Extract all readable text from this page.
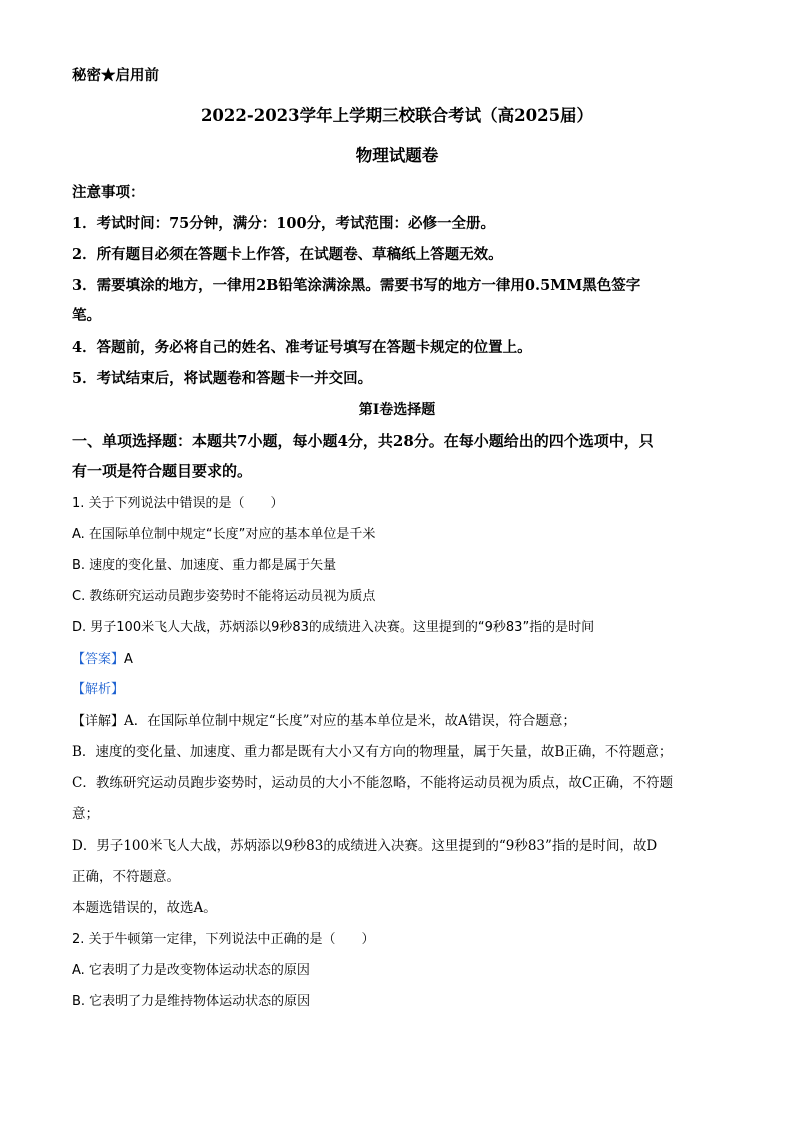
秘密★启用前
2022-2023学年上学期三校联合考试（高2025届）
物理试题卷
注意事项：
1．考试时间：75分钟，满分：100分，考试范围：必修一全册。
2．所有题目必须在答题卡上作答，在试题卷、草稿纸上答题无效。
3．需要填涂的地方，一律用2B铅笔涂满涂黑。需要书写的地方一律用0.5MM黑色签字
笔。
4．答题前，务必将自己的姓名、准考证号填写在答题卡规定的位置上。
5．考试结束后，将试题卷和答题卡一并交回。
第I卷选择题
一、单项选择题：本题共7小题，每小题4分，共28分。在每小题给出的四个选项中，只
有一项是符合题目要求的。
1. 关于下列说法中错误的是（　　）
A. 在国际单位制中规定“长度”对应的基本单位是千米
B. 速度的变化量、加速度、重力都是属于矢量
C. 教练研究运动员跑步姿势时不能将运动员视为质点
D. 男子100米飞人大战，苏炳添以9秒83的成绩进入决赛。这里提到的“9秒83”指的是时间
【答案】A
【解析】
【详解】A．在国际单位制中规定“长度”对应的基本单位是米，故A错误，符合题意；
B．速度的变化量、加速度、重力都是既有大小又有方向的物理量，属于矢量，故B正确，不符题意；
C．教练研究运动员跑步姿势时，运动员的大小不能忽略，不能将运动员视为质点，故C正确，不符题
意；
D．男子100米飞人大战，苏炳添以9秒83的成绩进入决赛。这里提到的“9秒83”指的是时间，故D
正确，不符题意。
本题选错误的，故选A。
2. 关于牛顿第一定律，下列说法中正确的是（　　）
A. 它表明了力是改变物体运动状态的原因
B. 它表明了力是维持物体运动状态的原因
